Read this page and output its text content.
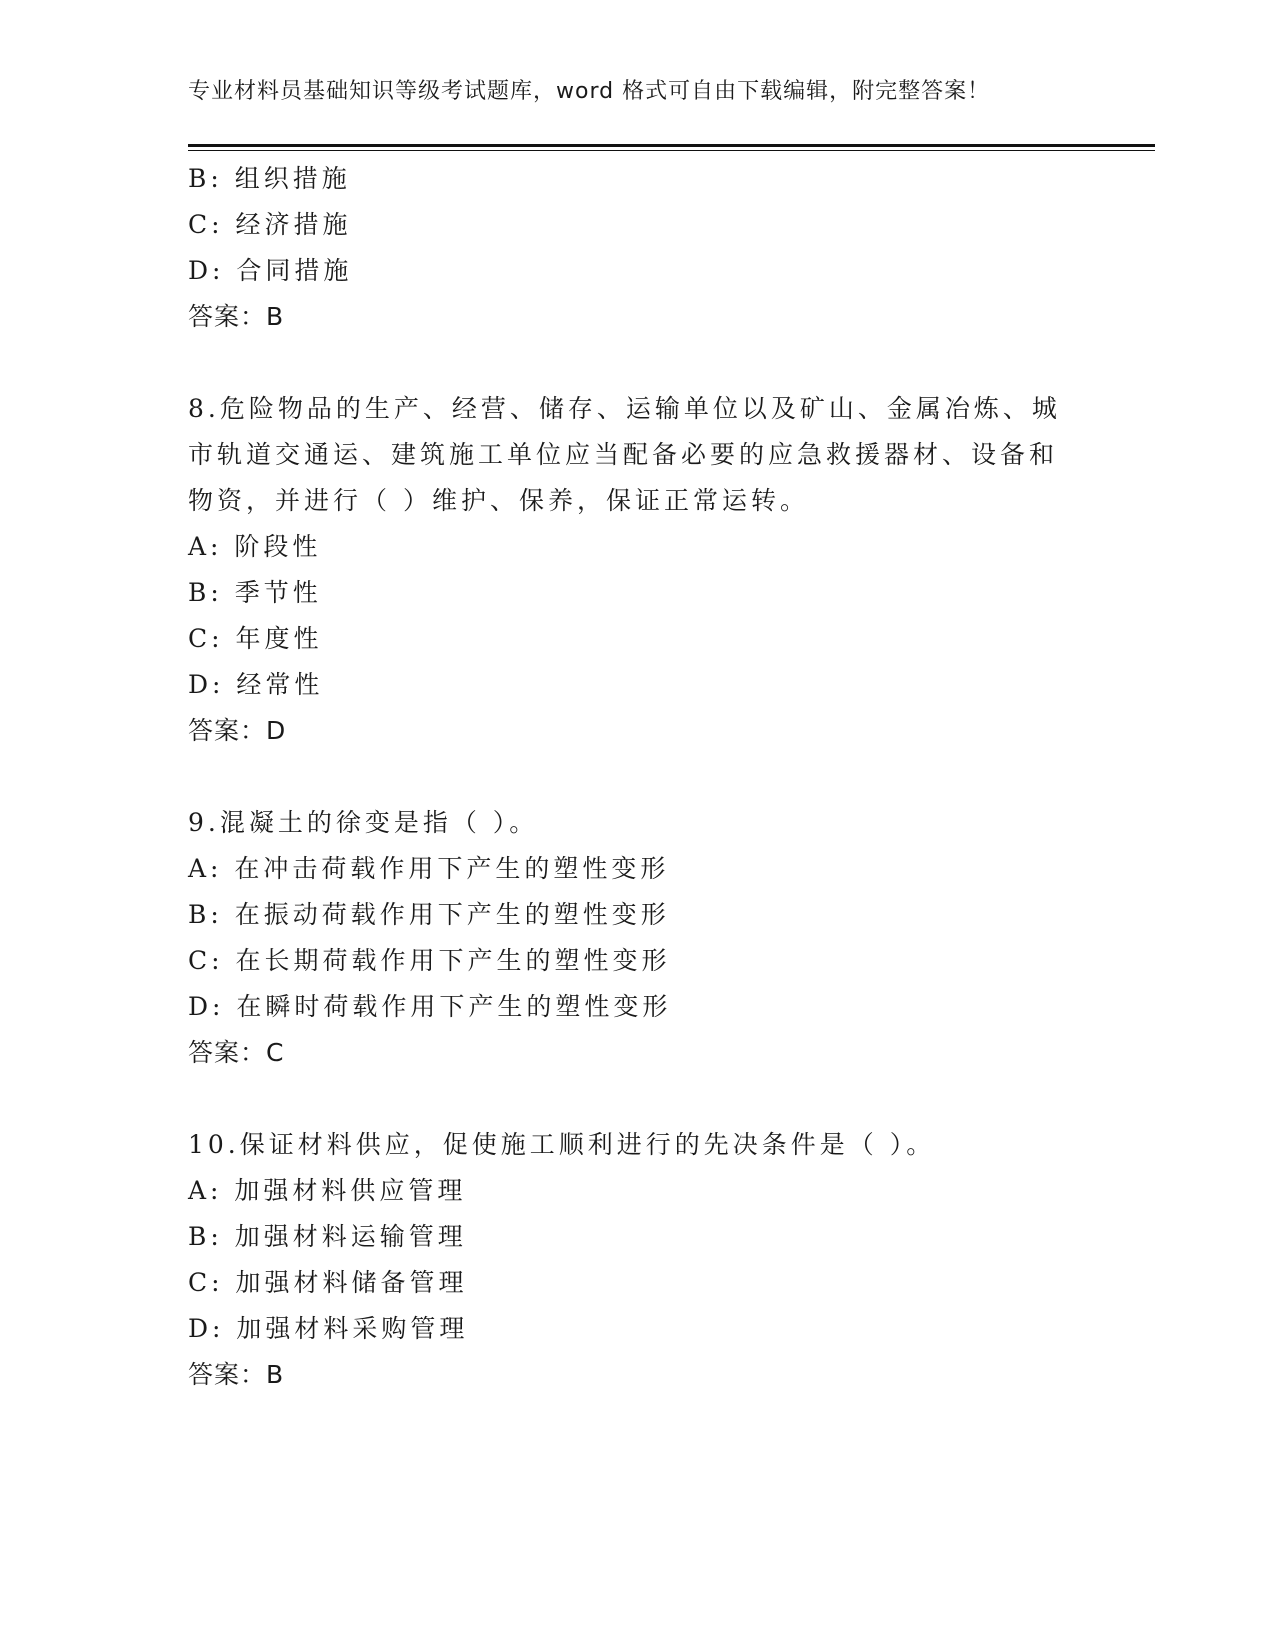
专业材料员基础知识等级考试题库，word 格式可自由下载编辑，附完整答案！
B: 组织措施
C: 经济措施
D: 合同措施
答案：B
8.危险物品的生产、经营、储存、运输单位以及矿山、金属冶炼、城
市轨道交通运、建筑施工单位应当配备必要的应急救援器材、设备和
物资，并进行（ ）维护、保养，保证正常运转。
A: 阶段性
B: 季节性
C: 年度性
D: 经常性
答案：D
9.混凝土的徐变是指（ ）。
A: 在冲击荷载作用下产生的塑性变形
B: 在振动荷载作用下产生的塑性变形
C: 在长期荷载作用下产生的塑性变形
D: 在瞬时荷载作用下产生的塑性变形
答案：C
10.保证材料供应，促使施工顺利进行的先决条件是（ ）。
A: 加强材料供应管理
B: 加强材料运输管理
C: 加强材料储备管理
D: 加强材料采购管理
答案：B
